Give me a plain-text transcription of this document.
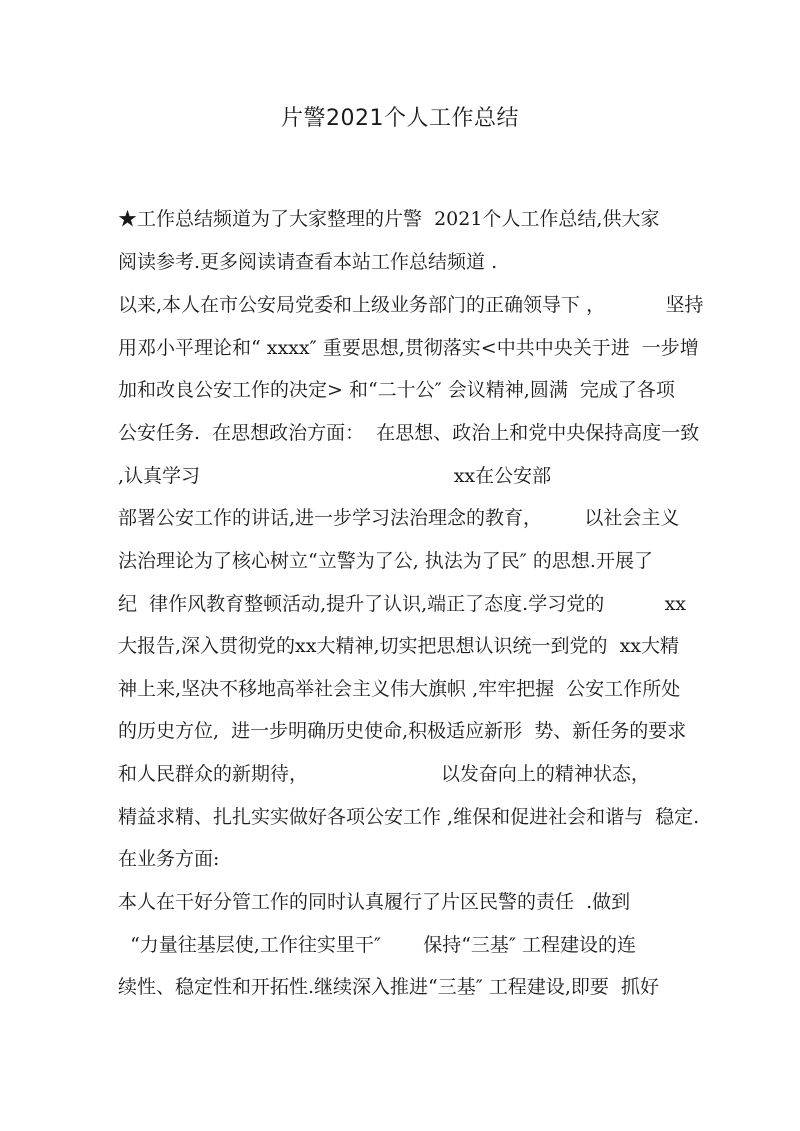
片警2021个人工作总结
★工作总结频道为了大家整理的片警  2021个人工作总结,供大家
阅读参考.更多阅读请查看本站工作总结频道 .
以来,本人在市公安局党委和上级业务部门的正确领导下 ，          坚持
用邓小平理论和“ xxxx″ 重要思想,贯彻落实<中共中央关于进  一步增
加和改良公安工作的决定> 和“二十公″ 会议精神,圆满  完成了各项
公安任务.  在思想政治方面：  在思想、政治上和党中央保持高度一致
,认真学习                                          xx在公安部
部署公安工作的讲话,进一步学习法治理念的教育，       以社会主义
法治理论为了核心树立“立警为了公, 执法为了民″ 的思想.开展了
纪  律作风教育整顿活动,提升了认识,端正了态度.学习党的          xx
大报告,深入贯彻党的xx大精神,切实把思想认识统一到党的  xx大精
神上来,坚决不移地高举社会主义伟大旗帜 ,牢牢把握  公安工作所处
的历史方位,  进一步明确历史使命,积极适应新形  势、新任务的要求
和人民群众的新期待，                      以发奋向上的精神状态，
精益求精、扎扎实实做好各项公安工作 ,维保和促进社会和谐与  稳定.
在业务方面:
本人在干好分管工作的同时认真履行了片区民警的责任  .做到
“力量往基层使,工作往实里干″       保持“三基″ 工程建设的连
续性、稳定性和开拓性.继续深入推进“三基″ 工程建设,即要  抓好
